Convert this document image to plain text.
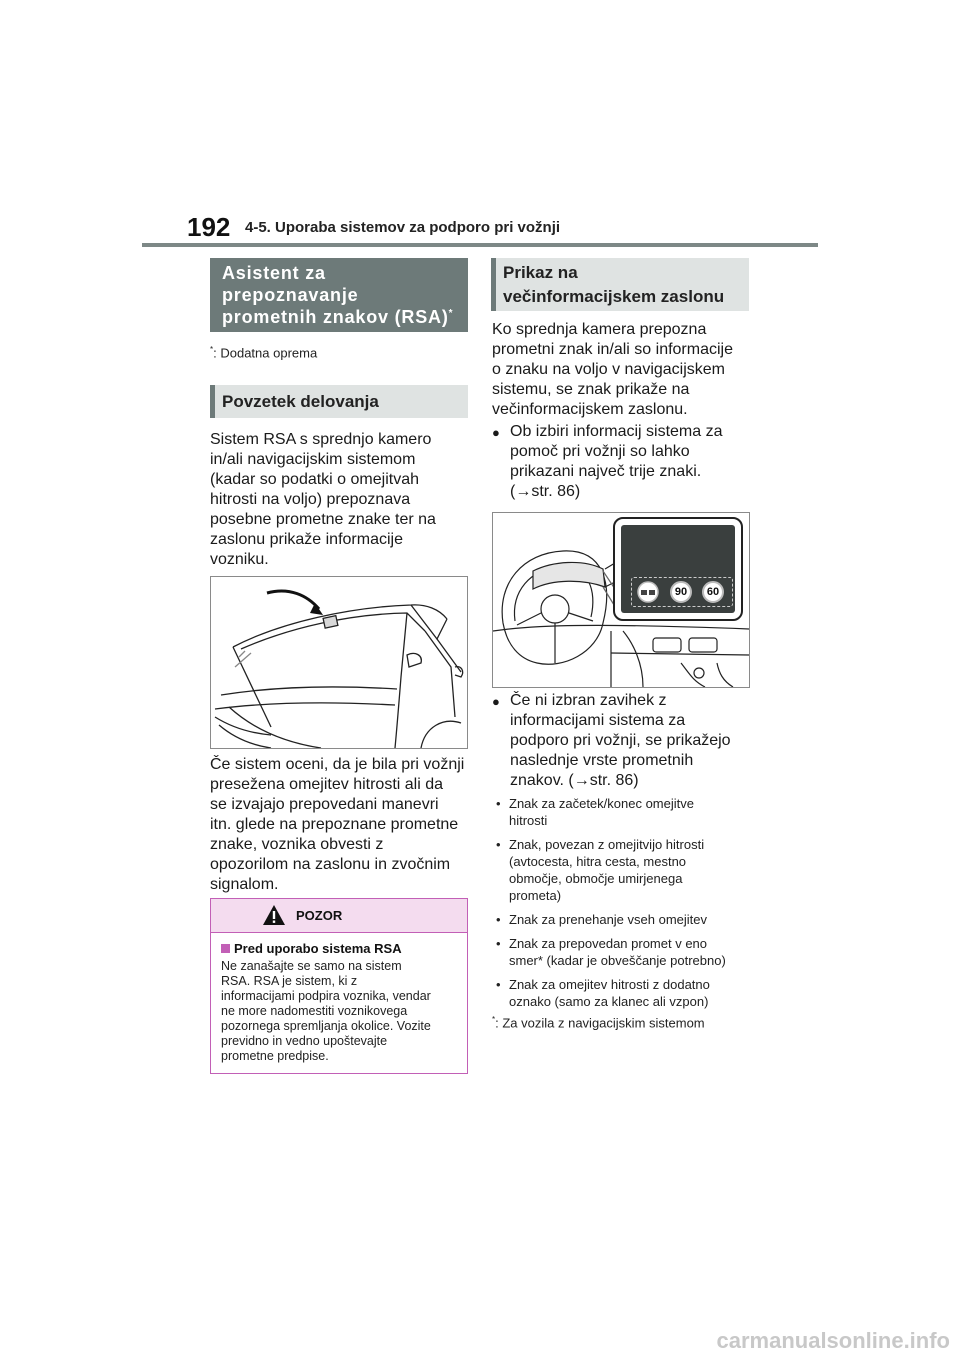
192 4-5. Uporaba sistemov za podporo pri vožnji
Asistent za
prepoznavanje
prometnih znakov (RSA)*
*: Dodatna oprema
Povzetek delovanja
Sistem RSA s sprednjo kamero
in/ali navigacijskim sistemom
(kadar so podatki o omejitvah
hitrosti na voljo) prepoznava
posebne prometne znake ter na
zaslonu prikaže informacije
vozniku.
Če sistem oceni, da je bila pri vožnji
presežena omejitev hitrosti ali da
se izvajajo prepovedani manevri
itn. glede na prepoznane prometne
znake, voznika obvesti z
opozorilom na zaslonu in zvočnim
signalom.
POZOR
Pred uporabo sistema RSA
Ne zanašajte se samo na sistem
RSA. RSA je sistem, ki z
informacijami podpira voznika, vendar
ne more nadomestiti voznikovega
pozornega spremljanja okolice. Vozite
previdno in vedno upoštevajte
prometne predpise.
Prikaz na
večinformacijskem zaslonu
Ko sprednja kamera prepozna
prometni znak in/ali so informacije
o znaku na voljo v navigacijskem
sistemu, se znak prikaže na
večinformacijskem zaslonu.
● Ob izbiri informacij sistema za
pomoč pri vožnji so lahko
prikazani največ trije znaki.
(→str. 86)
90	60
● Če ni izbran zavihek z
informacijami sistema za
podporo pri vožnji, se prikažejo
naslednje vrste prometnih
znakov. (→str. 86)
• Znak za začetek/konec omejitve
hitrosti
• Znak, povezan z omejitvijo hitrosti
(avtocesta, hitra cesta, mestno
območje, območje umirjenega
prometa)
• Znak za prenehanje vseh omejitev
• Znak za prepovedan promet v eno
smer* (kadar je obveščanje potrebno)
• Znak za omejitev hitrosti z dodatno
oznako (samo za klanec ali vzpon)
*: Za vozila z navigacijskim sistemom
carmanualsonline.info
